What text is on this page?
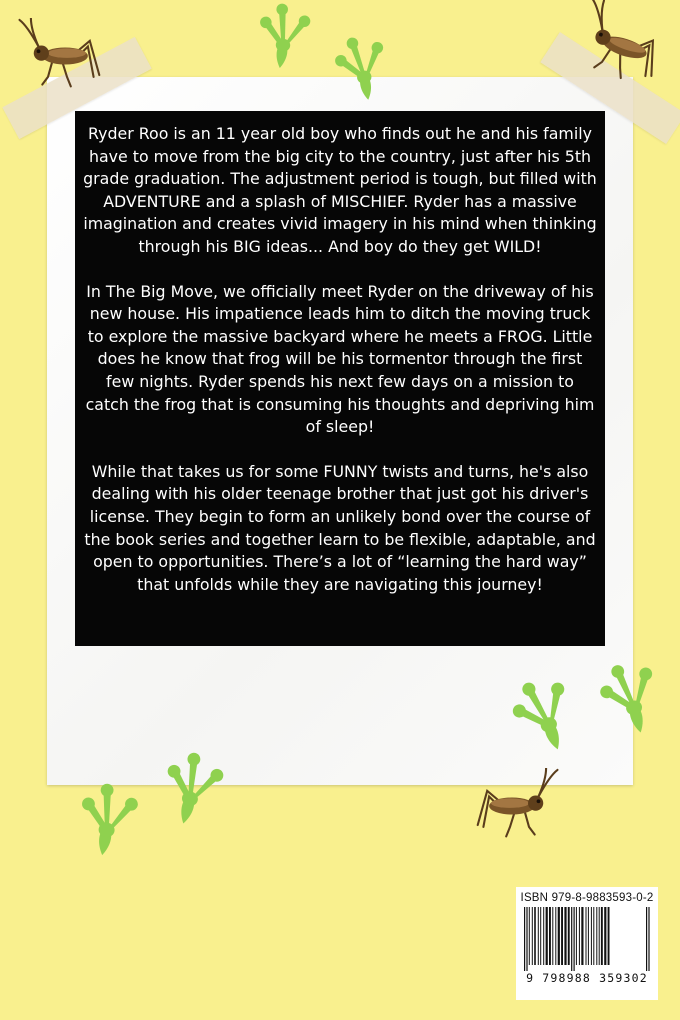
Ryder Roo is an 11 year old boy who finds out he and his family have to move from the big city to the country, just after his 5th grade graduation. The adjustment period is tough, but filled with ADVENTURE and a splash of MISCHIEF. Ryder has a massive imagination and creates vivid imagery in his mind when thinking through his BIG ideas... And boy do they get WILD!

In The Big Move, we officially meet Ryder on the driveway of his new house. His impatience leads him to ditch the moving truck to explore the massive backyard where he meets a FROG. Little does he know that frog will be his tormentor through the first few nights. Ryder spends his next few days on a mission to catch the frog that is consuming his thoughts and depriving him of sleep!

While that takes us for some FUNNY twists and turns, he's also dealing with his older teenage brother that just got his driver's license. They begin to form an unlikely bond over the course of the book series and together learn to be flexible, adaptable, and open to opportunities. There’s a lot of “learning the hard way” that unfolds while they are navigating this journey!

ISBN 979-8-9883593-0-2
9 798988 359302
